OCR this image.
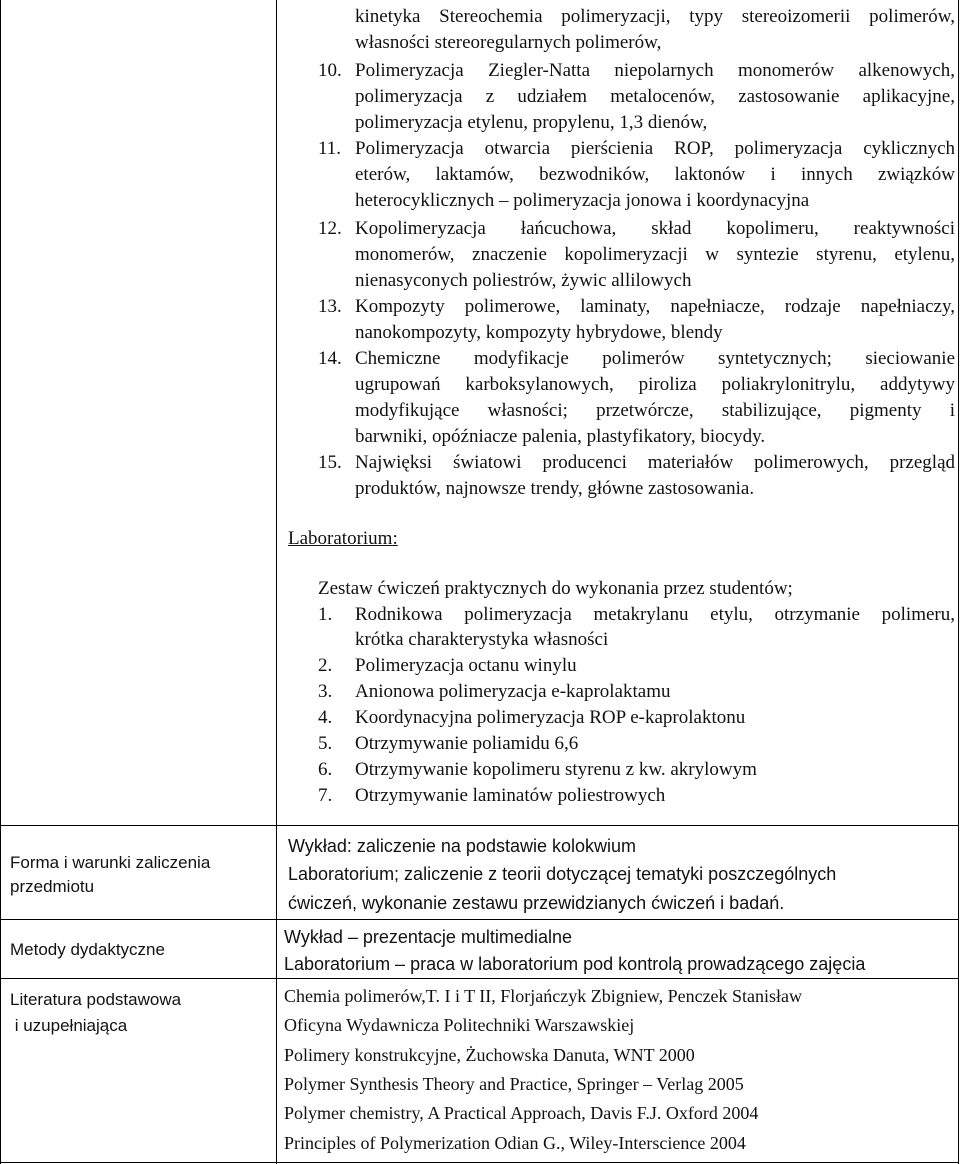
kinetyka Stereochemia polimeryzacji, typy stereoizomerii polimerów,
własności stereoregularnych polimerów,
10. Polimeryzacja Ziegler-Natta niepolarnych monomerów alkenowych,
polimeryzacja z udziałem metalocenów, zastosowanie aplikacyjne,
polimeryzacja etylenu, propylenu, 1,3 dienów,
11. Polimeryzacja otwarcia pierścienia ROP, polimeryzacja cyklicznych
eterów, laktamów, bezwodników, laktonów i innych związków
heterocyklicznych – polimeryzacja jonowa i koordynacyjna
12. Kopolimeryzacja łańcuchowa, skład kopolimeru, reaktywności
monomerów, znaczenie kopolimeryzacji w syntezie styrenu, etylenu,
nienasyconych poliestrów, żywic allilowych
13. Kompozyty polimerowe, laminaty, napełniacze, rodzaje napełniaczy,
nanokompozyty, kompozyty hybrydowe, blendy
14. Chemiczne modyfikacje polimerów syntetycznych; sieciowanie
ugrupowań karboksylanowych, piroliza poliakrylonitrylu, addytywy
modyfikujące własności; przetwórcze, stabilizujące, pigmenty i
barwniki, opóźniacze palenia, plastyfikatory, biocydy.
15. Najwięksi światowi producenci materiałów polimerowych, przegląd
produktów, najnowsze trendy, główne zastosowania.
Laboratorium:
Zestaw ćwiczeń praktycznych do wykonania przez studentów;
1. Rodnikowa polimeryzacja metakrylanu etylu, otrzymanie polimeru,
krótka charakterystyka własności
2. Polimeryzacja octanu winylu
3. Anionowa polimeryzacja e-kaprolaktamu
4. Koordynacyjna polimeryzacja ROP e-kaprolaktonu
5. Otrzymywanie poliamidu 6,6
6. Otrzymywanie kopolimeru styrenu z kw. akrylowym
7. Otrzymywanie laminatów poliestrowych
Forma i warunki zaliczenia
przedmiotu
Wykład: zaliczenie na podstawie kolokwium
Laboratorium; zaliczenie z teorii dotyczącej tematyki poszczególnych
ćwiczeń, wykonanie zestawu przewidzianych ćwiczeń i badań.
Metody dydaktyczne
Wykład – prezentacje multimedialne
Laboratorium – praca w laboratorium pod kontrolą prowadzącego zajęcia
Literatura podstawowa
i uzupełniająca
Chemia polimerów,T. I i T II, Florjańczyk Zbigniew, Penczek Stanisław
Oficyna Wydawnicza Politechniki Warszawskiej
Polimery konstrukcyjne, Żuchowska Danuta, WNT 2000
Polymer Synthesis Theory and Practice, Springer – Verlag 2005
Polymer chemistry, A Practical Approach, Davis F.J. Oxford 2004
Principles of Polymerization Odian G., Wiley-Interscience 2004
